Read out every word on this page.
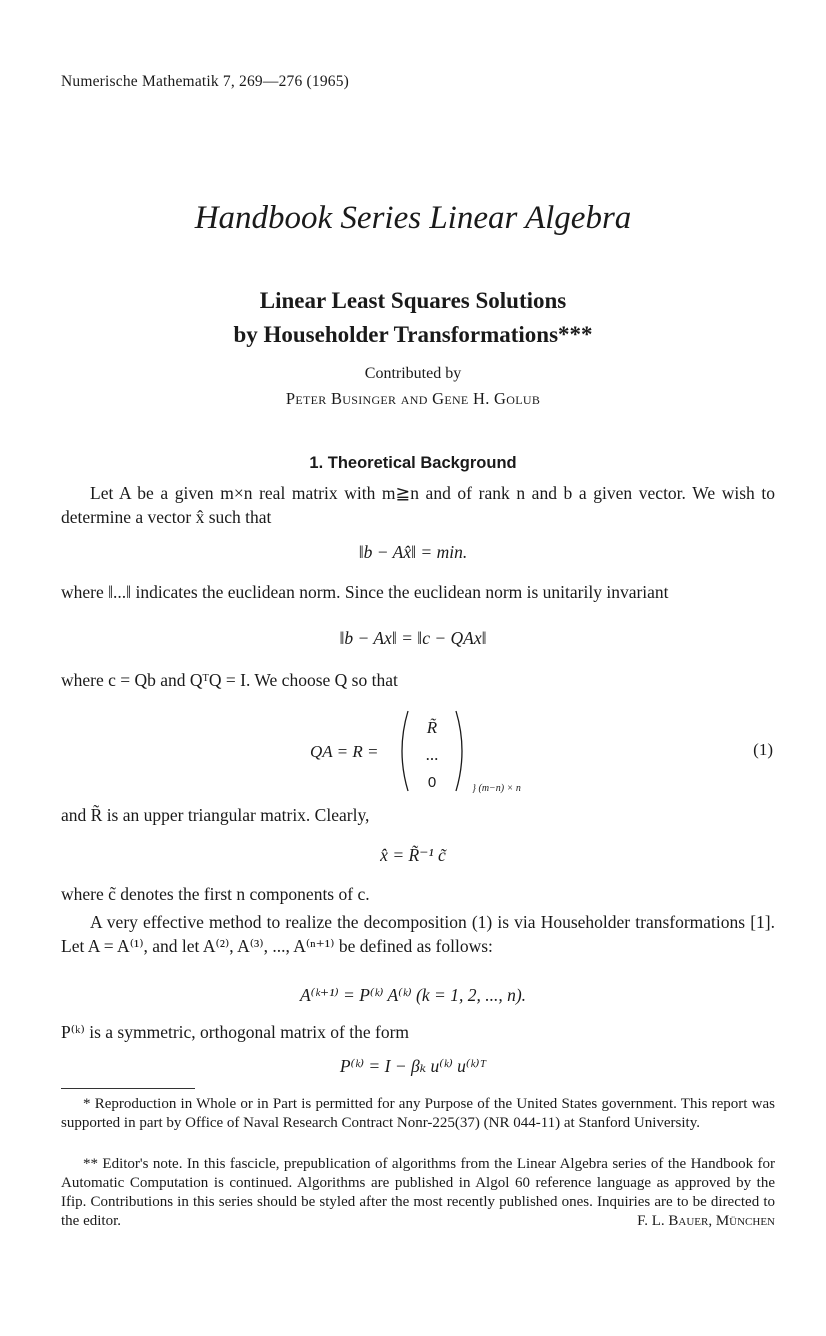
Numerische Mathematik 7, 269—276 (1965)
Handbook Series Linear Algebra
Linear Least Squares Solutions
by Householder Transformations***
Contributed by
Peter Businger and Gene H. Golub
1. Theoretical Background
Let A be a given m×n real matrix with m≧n and of rank n and b a given vector. We wish to determine a vector x̂ such that
‖b − Ax̂‖ = min.
where ‖...‖ indicates the euclidean norm. Since the euclidean norm is unitarily invariant
‖b − Ax‖ = ‖c − QAx‖
where c = Qb and QᵀQ = I. We choose Q so that
QA = R =
R̃
...
0	} (m−n) × n
(1)
and R̃ is an upper triangular matrix. Clearly,
x̂ = R̃⁻¹ c̃
where c̃ denotes the first n components of c.
A very effective method to realize the decomposition (1) is via Householder transformations [1]. Let A = A⁽¹⁾, and let A⁽²⁾, A⁽³⁾, ..., A⁽ⁿ⁺¹⁾ be defined as follows:
A⁽ᵏ⁺¹⁾ = P⁽ᵏ⁾ A⁽ᵏ⁾ (k = 1, 2, ..., n).
P⁽ᵏ⁾ is a symmetric, orthogonal matrix of the form
P⁽ᵏ⁾ = I − βₖ u⁽ᵏ⁾ u⁽ᵏ⁾ᵀ
* Reproduction in Whole or in Part is permitted for any Purpose of the United States government. This report was supported in part by Office of Naval Research Contract Nonr-225(37) (NR 044-11) at Stanford University.
** Editor's note. In this fascicle, prepublication of algorithms from the Linear Algebra series of the Handbook for Automatic Computation is continued. Algorithms are published in Algol 60 reference language as approved by the Ifip. Contributions in this series should be styled after the most recently published ones. Inquiries are to be directed to the editor.	F. L. Bauer, München
